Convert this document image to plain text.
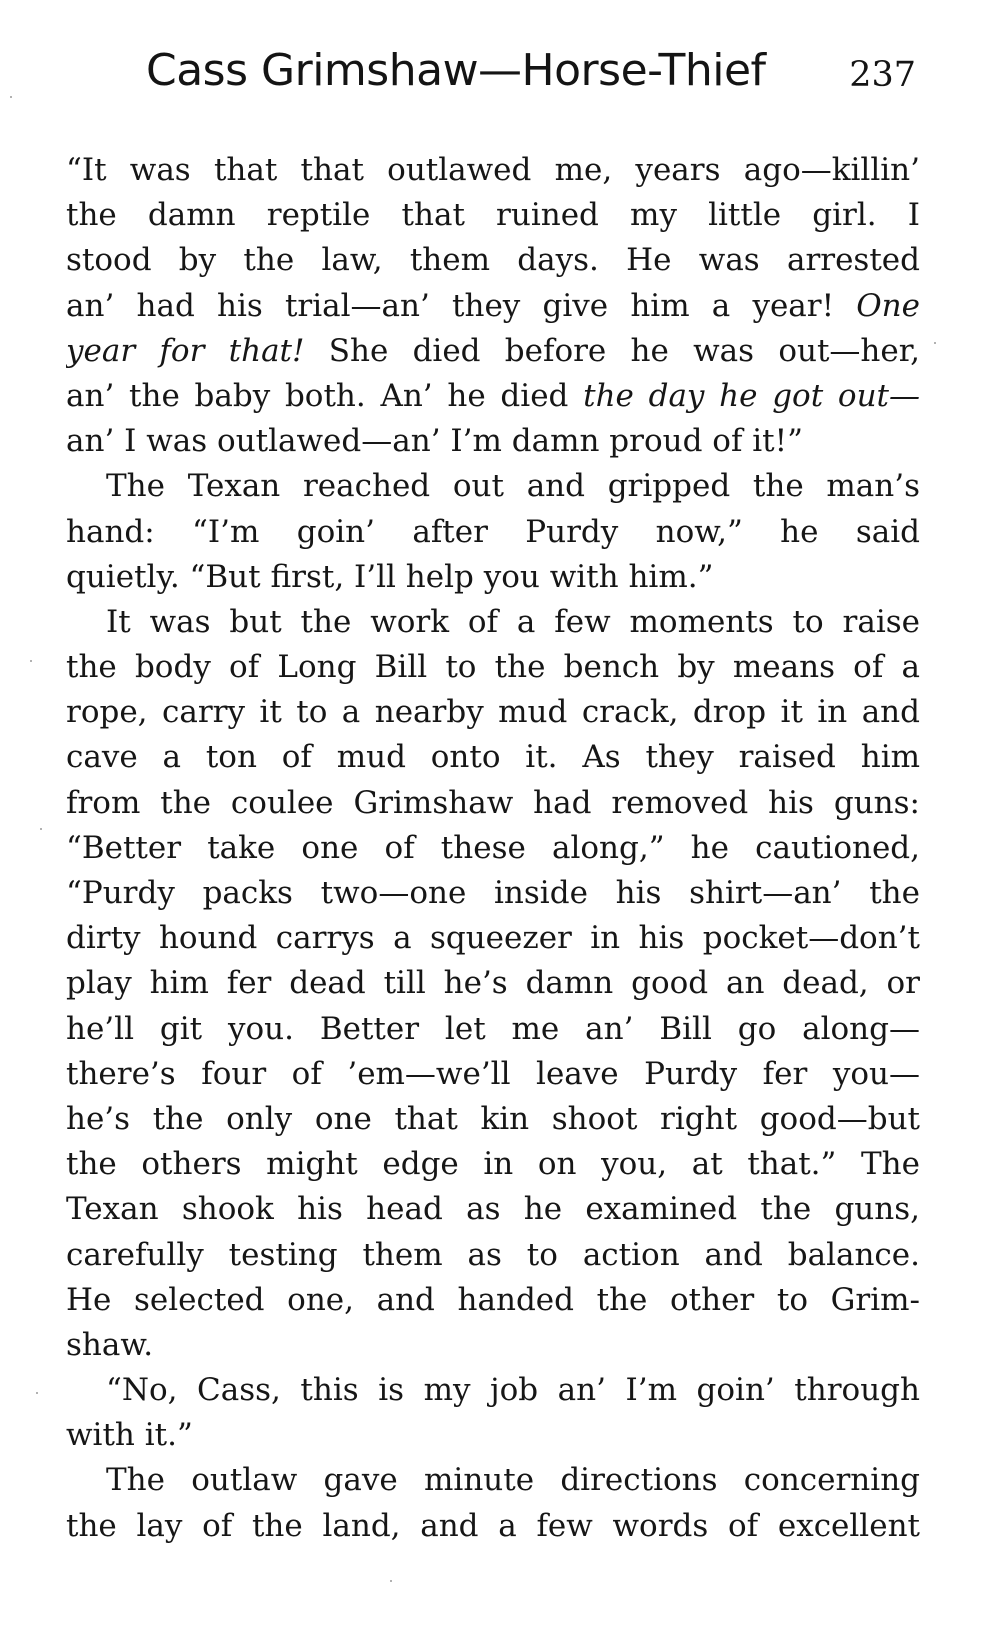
Cass Grimshaw—Horse-Thief 237
“It was that that outlawed me, years ago—killin’
the damn reptile that ruined my little girl. I
stood by the law, them days. He was arrested
an’ had his trial—an’ they give him a year! One
year for that! She died before he was out—her,
an’ the baby both. An’ he died the day he got out—
an’ I was outlawed—an’ I’m damn proud of it!”
The Texan reached out and gripped the man’s
hand: “I’m goin’ after Purdy now,” he said
quietly. “But first, I’ll help you with him.”
It was but the work of a few moments to raise
the body of Long Bill to the bench by means of a
rope, carry it to a nearby mud crack, drop it in and
cave a ton of mud onto it. As they raised him
from the coulee Grimshaw had removed his guns:
“Better take one of these along,” he cautioned,
“Purdy packs two—one inside his shirt—an’ the
dirty hound carrys a squeezer in his pocket—don’t
play him fer dead till he’s damn good an dead, or
he’ll git you. Better let me an’ Bill go along—
there’s four of ’em—we’ll leave Purdy fer you—
he’s the only one that kin shoot right good—but
the others might edge in on you, at that.” The
Texan shook his head as he examined the guns,
carefully testing them as to action and balance.
He selected one, and handed the other to Grim-
shaw.
“No, Cass, this is my job an’ I’m goin’ through
with it.”
The outlaw gave minute directions concerning
the lay of the land, and a few words of excellent
